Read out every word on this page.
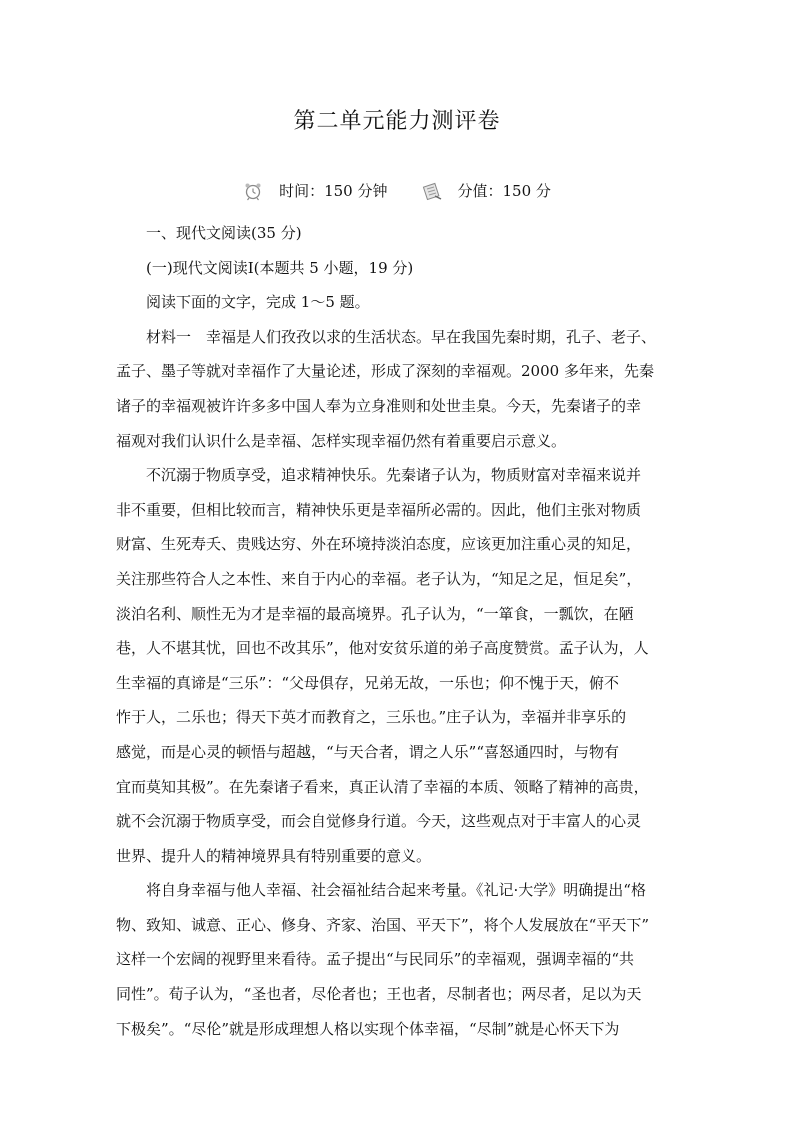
第二单元能力测评卷
时间：150 分钟	分值：150 分

一、现代文阅读(35 分)

(一)现代文阅读Ⅰ(本题共 5 小题，19 分)

阅读下面的文字，完成 1～5 题。

材料一　幸福是人们孜孜以求的生活状态。早在我国先秦时期，孔子、老子、

孟子、墨子等就对幸福作了大量论述，形成了深刻的幸福观。2000 多年来，先秦

诸子的幸福观被许许多多中国人奉为立身准则和处世圭臬。今天，先秦诸子的幸

福观对我们认识什么是幸福、怎样实现幸福仍然有着重要启示意义。

不沉溺于物质享受，追求精神快乐。先秦诸子认为，物质财富对幸福来说并

非不重要，但相比较而言，精神快乐更是幸福所必需的。因此，他们主张对物质

财富、生死寿夭、贵贱达穷、外在环境持淡泊态度，应该更加注重心灵的知足，

关注那些符合人之本性、来自于内心的幸福。老子认为，“知足之足，恒足矣”，

淡泊名利、顺性无为才是幸福的最高境界。孔子认为，“一箪食，一瓢饮，在陋

巷，人不堪其忧，回也不改其乐”，他对安贫乐道的弟子高度赞赏。孟子认为，人

生幸福的真谛是“三乐”：“父母俱存，兄弟无故，一乐也；仰不愧于天，俯不

怍于人，二乐也；得天下英才而教育之，三乐也。”庄子认为，幸福并非享乐的

感觉，而是心灵的顿悟与超越，“与天合者，谓之人乐”“喜怒通四时，与物有

宜而莫知其极”。在先秦诸子看来，真正认清了幸福的本质、领略了精神的高贵，

就不会沉溺于物质享受，而会自觉修身行道。今天，这些观点对于丰富人的心灵

世界、提升人的精神境界具有特别重要的意义。

将自身幸福与他人幸福、社会福祉结合起来考量。《礼记·大学》明确提出“格

物、致知、诚意、正心、修身、齐家、治国、平天下”，将个人发展放在“平天下”

这样一个宏阔的视野里来看待。孟子提出“与民同乐”的幸福观，强调幸福的“共

同性”。荀子认为，“圣也者，尽伦者也；王也者，尽制者也；两尽者，足以为天

下极矣”。“尽伦”就是形成理想人格以实现个体幸福，“尽制”就是心怀天下为
